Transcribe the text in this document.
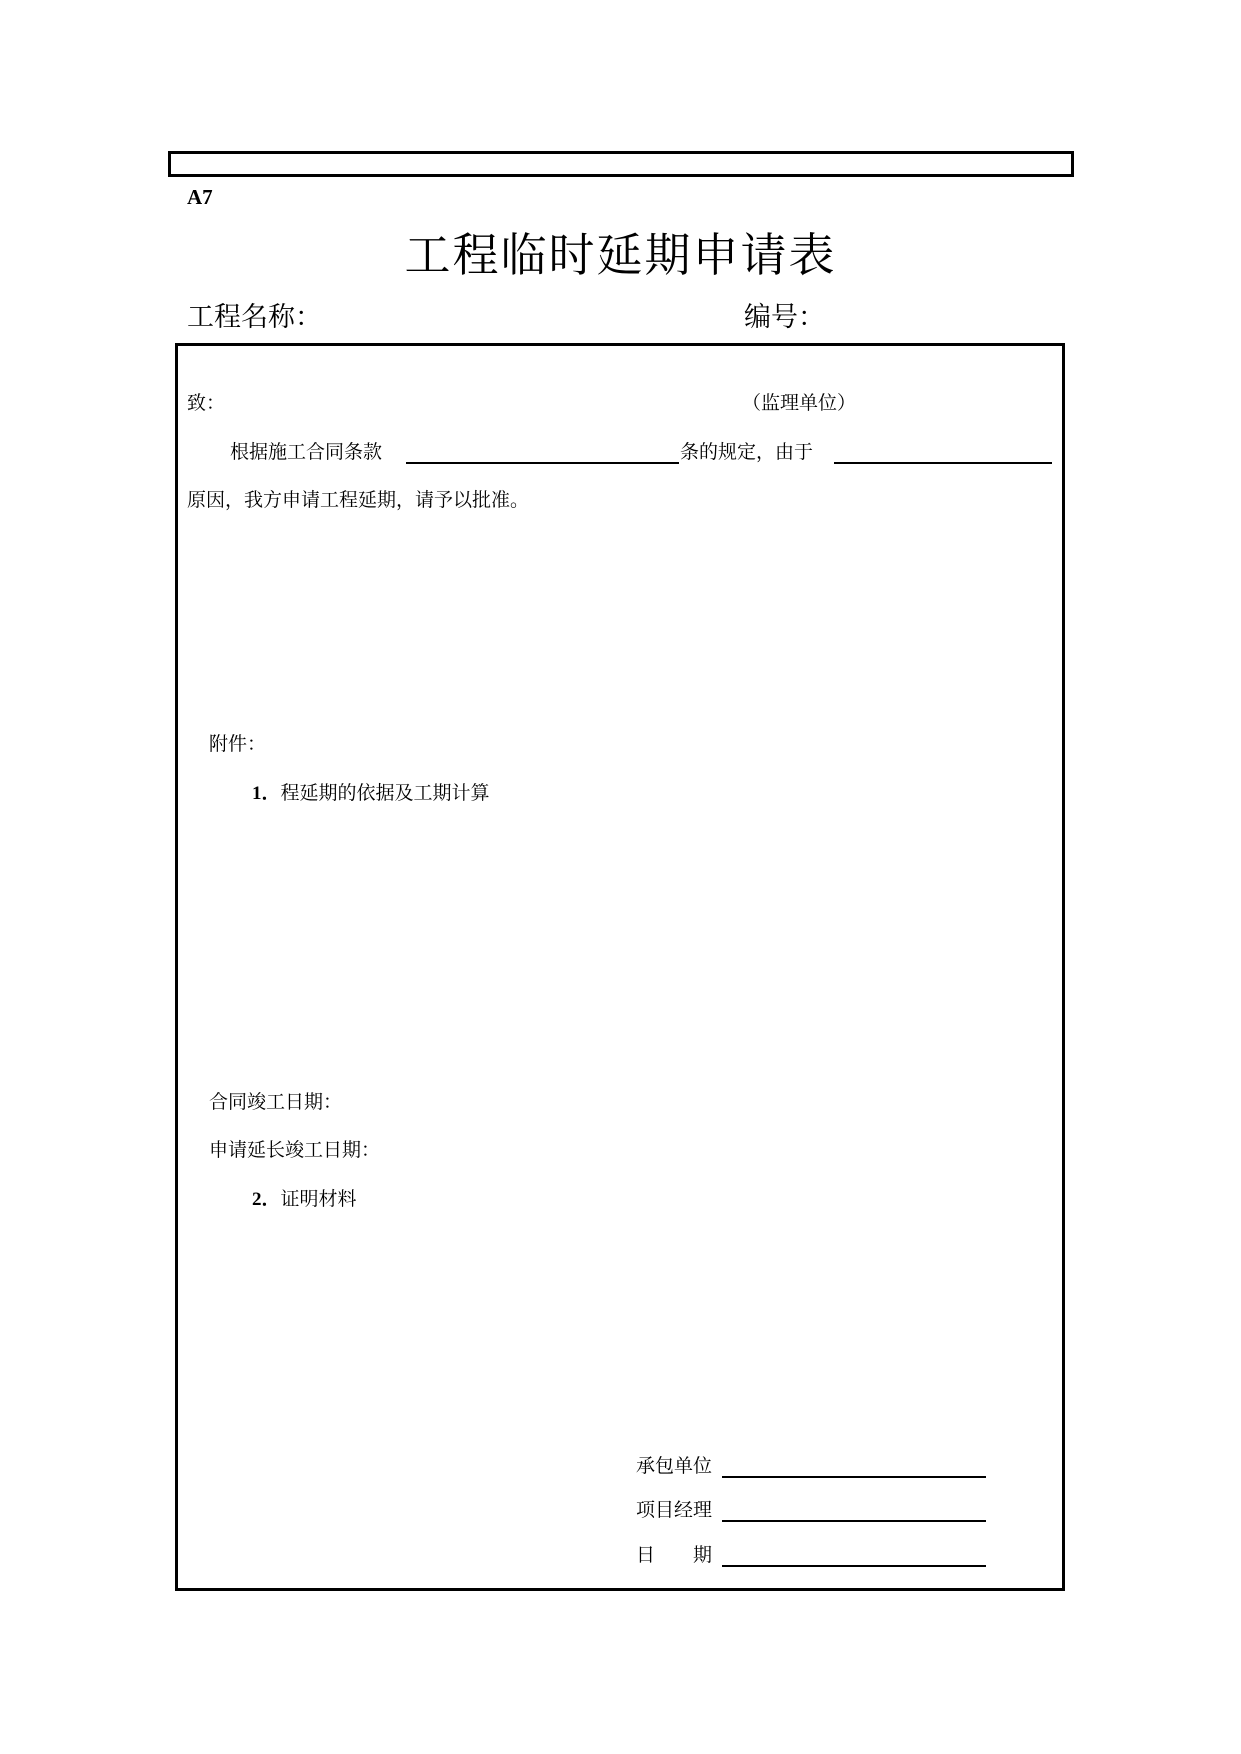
A7
工程临时延期申请表
工程名称：	编号：
致：	（监理单位）
根据施工合同条款	条的规定，由于
原因，我方申请工程延期，请予以批准。
附件：
1．程延期的依据及工期计算
合同竣工日期：
申请延长竣工日期：
2．证明材料
承包单位
项目经理
日　　期
